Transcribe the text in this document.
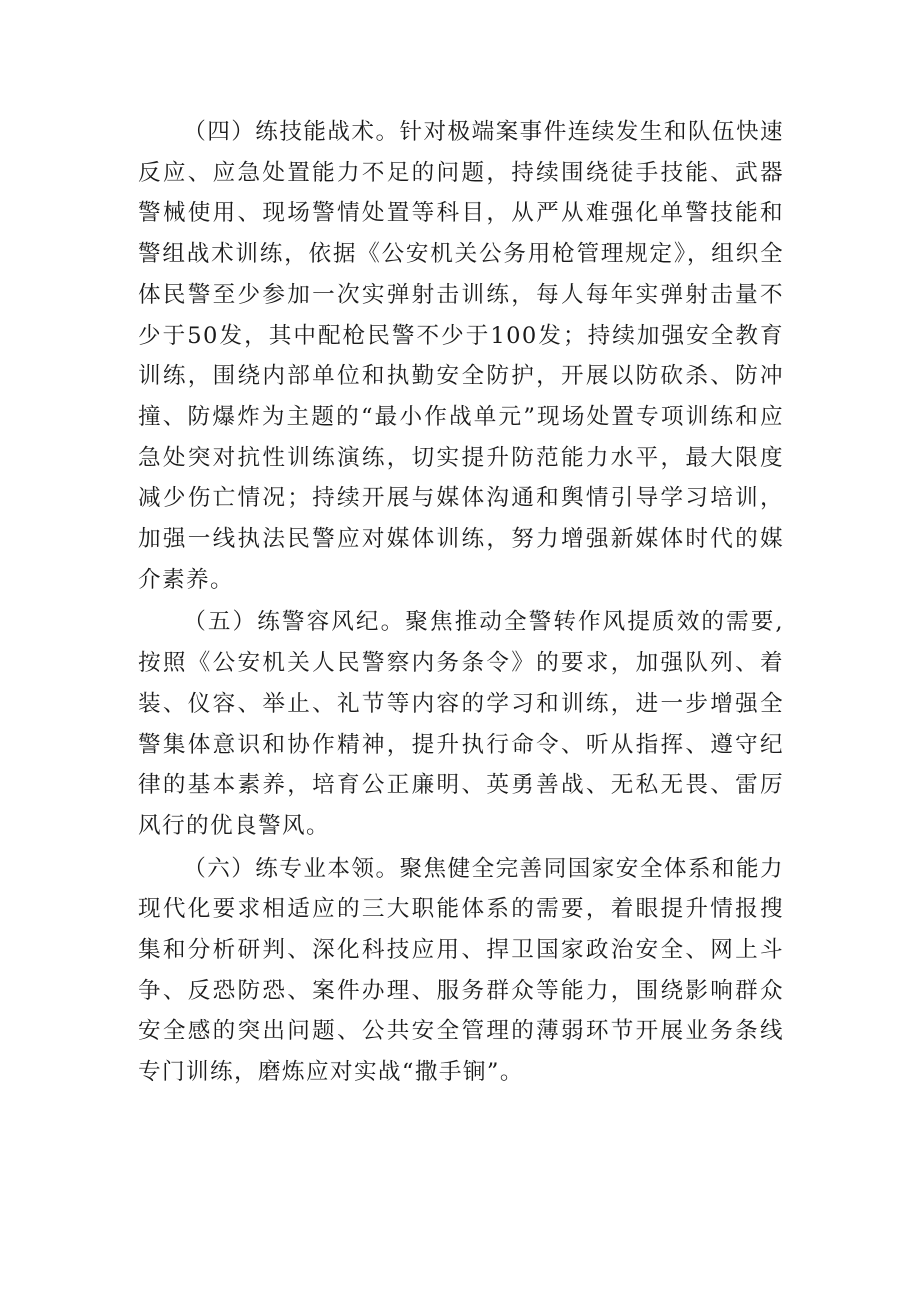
（四）练技能战术。针对极端案事件连续发生和队伍快速反应、应急处置能力不足的问题，持续围绕徒手技能、武器警械使用、现场警情处置等科目，从严从难强化单警技能和警组战术训练，依据《公安机关公务用枪管理规定》，组织全体民警至少参加一次实弹射击训练，每人每年实弹射击量不少于50发，其中配枪民警不少于100发；持续加强安全教育训练，围绕内部单位和执勤安全防护，开展以防砍杀、防冲撞、防爆炸为主题的“最小作战单元”现场处置专项训练和应急处突对抗性训练演练，切实提升防范能力水平，最大限度减少伤亡情况；持续开展与媒体沟通和舆情引导学习培训，加强一线执法民警应对媒体训练，努力增强新媒体时代的媒介素养。

（五）练警容风纪。聚焦推动全警转作风提质效的需要,按照《公安机关人民警察内务条令》的要求，加强队列、着装、仪容、举止、礼节等内容的学习和训练，进一步增强全警集体意识和协作精神，提升执行命令、听从指挥、遵守纪律的基本素养，培育公正廉明、英勇善战、无私无畏、雷厉风行的优良警风。

（六）练专业本领。聚焦健全完善同国家安全体系和能力现代化要求相适应的三大职能体系的需要，着眼提升情报搜集和分析研判、深化科技应用、捍卫国家政治安全、网上斗争、反恐防恐、案件办理、服务群众等能力，围绕影响群众安全感的突出问题、公共安全管理的薄弱环节开展业务条线专门训练，磨炼应对实战“撒手锏”。
